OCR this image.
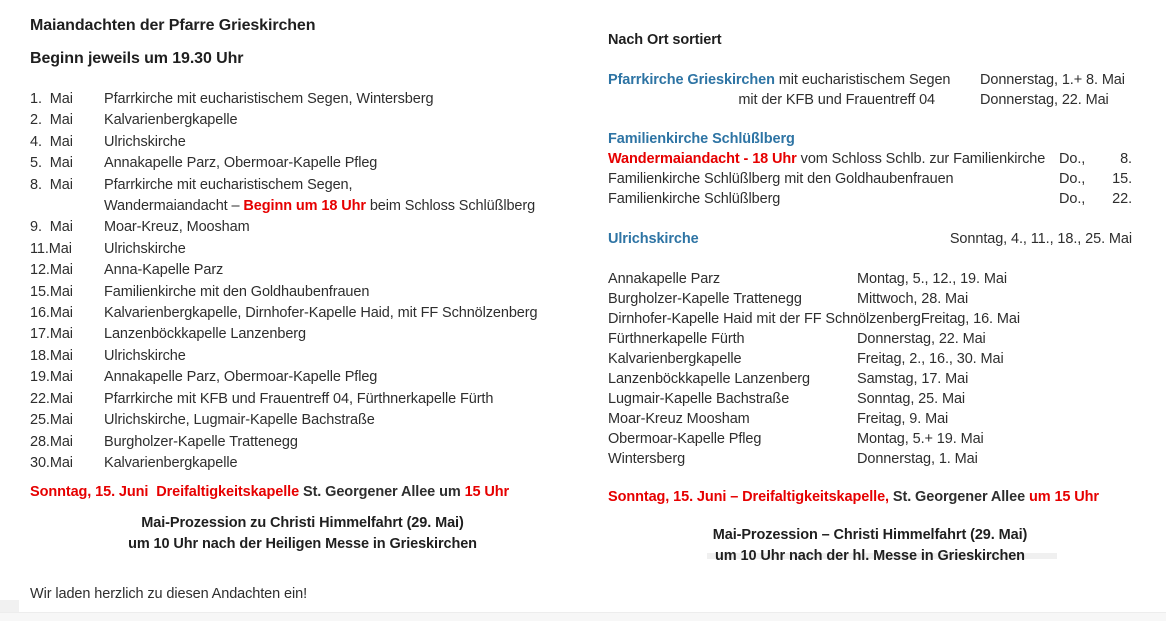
Maiandachten der Pfarre Grieskirchen
Beginn jeweils um 19.30 Uhr
1.  Mai	Pfarrkirche mit eucharistischem Segen, Wintersberg
2.  Mai	Kalvarienbergkapelle
4.  Mai	Ulrichskirche
5.  Mai	Annakapelle Parz, Obermoar-Kapelle Pfleg
8.  Mai	Pfarrkirche mit eucharistischem Segen,
Wandermaiandacht – Beginn um 18 Uhr beim Schloss Schlüßlberg
9.  Mai	Moar-Kreuz, Moosham
11.Mai	Ulrichskirche
12.Mai	Anna-Kapelle Parz
15.Mai	Familienkirche mit den Goldhaubenfrauen
16.Mai	Kalvarienbergkapelle, Dirnhofer-Kapelle Haid, mit FF Schnölzenberg
17.Mai	Lanzenböckkapelle Lanzenberg
18.Mai	Ulrichskirche
19.Mai	Annakapelle Parz, Obermoar-Kapelle Pfleg
22.Mai	Pfarrkirche mit KFB und Frauentreff 04, Fürthnerkapelle Fürth
25.Mai	Ulrichskirche, Lugmair-Kapelle Bachstraße
28.Mai	Burgholzer-Kapelle Trattenegg
30.Mai	Kalvarienbergkapelle
Sonntag, 15. Juni  Dreifaltigkeitskapelle St. Georgener Allee um 15 Uhr
Mai-Prozession zu Christi Himmelfahrt (29. Mai)
um 10 Uhr nach der Heiligen Messe in Grieskirchen
Wir laden herzlich zu diesen Andachten ein!
Nach Ort sortiert
Pfarrkirche Grieskirchen mit eucharistischem Segen	Donnerstag, 1.+ 8. Mai
mit der KFB und Frauentreff 04	Donnerstag, 22. Mai
Familienkirche Schlüßlberg
Wandermaiandacht - 18 Uhr vom Schloss Schlb. zur Familienkirche Do.,	8.
Familienkirche Schlüßlberg mit den Goldhaubenfrauen	Do.,	15.
Familienkirche Schlüßlberg	Do.,	22.
Ulrichskirche	Sonntag, 4., 11., 18., 25. Mai
Annakapelle Parz	Montag, 5., 12., 19. Mai
Burgholzer-Kapelle Trattenegg	Mittwoch, 28. Mai
Dirnhofer-Kapelle Haid mit der FF Schnölzenberg Freitag, 16. Mai
Fürthnerkapelle Fürth	Donnerstag, 22. Mai
Kalvarienbergkapelle	Freitag, 2., 16., 30. Mai
Lanzenböckkapelle Lanzenberg	Samstag, 17. Mai
Lugmair-Kapelle Bachstraße	Sonntag, 25. Mai
Moar-Kreuz Moosham	Freitag, 9. Mai
Obermoar-Kapelle Pfleg	Montag, 5.+ 19. Mai
Wintersberg	Donnerstag, 1. Mai
Sonntag, 15. Juni – Dreifaltigkeitskapelle, St. Georgener Allee um 15 Uhr
Mai-Prozession – Christi Himmelfahrt (29. Mai)
um 10 Uhr nach der hl. Messe in Grieskirchen
